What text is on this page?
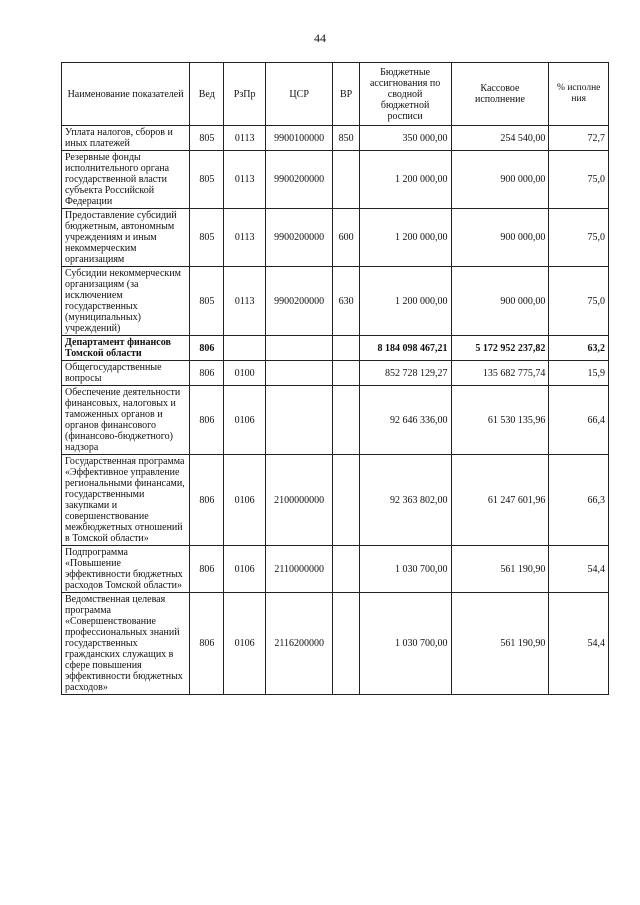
44
Наименование показателей	Вед	РзПр	ЦСР	ВР	Бюджетные ассигнования по сводной бюджетной росписи	Кассовое исполнение	% исполне ния
Уплата налогов, сборов и иных платежей	805	0113	9900100000	850	350 000,00	254 540,00	72,7
Резервные фонды исполнительного органа государственной власти субъекта Российской Федерации	805	0113	9900200000		1 200 000,00	900 000,00	75,0
Предоставление субсидий бюджетным, автономным учреждениям и иным некоммерческим организациям	805	0113	9900200000	600	1 200 000,00	900 000,00	75,0
Субсидии некоммерческим организациям (за исключением государственных (муниципальных) учреждений)	805	0113	9900200000	630	1 200 000,00	900 000,00	75,0
Департамент финансов Томской области	806				8 184 098 467,21	5 172 952 237,82	63,2
Общегосударственные вопросы	806	0100			852 728 129,27	135 682 775,74	15,9
Обеспечение деятельности финансовых, налоговых и таможенных органов и органов финансового (финансово-бюджетного) надзора	806	0106			92 646 336,00	61 530 135,96	66,4
Государственная программа «Эффективное управление региональными финансами, государственными закупками и совершенствование межбюджетных отношений в Томской области»	806	0106	2100000000		92 363 802,00	61 247 601,96	66,3
Подпрограмма «Повышение эффективности бюджетных расходов Томской области»	806	0106	2110000000		1 030 700,00	561 190,90	54,4
Ведомственная целевая программа «Совершенствование профессиональных знаний государственных гражданских служащих в сфере повышения эффективности бюджетных расходов»	806	0106	2116200000		1 030 700,00	561 190,90	54,4
